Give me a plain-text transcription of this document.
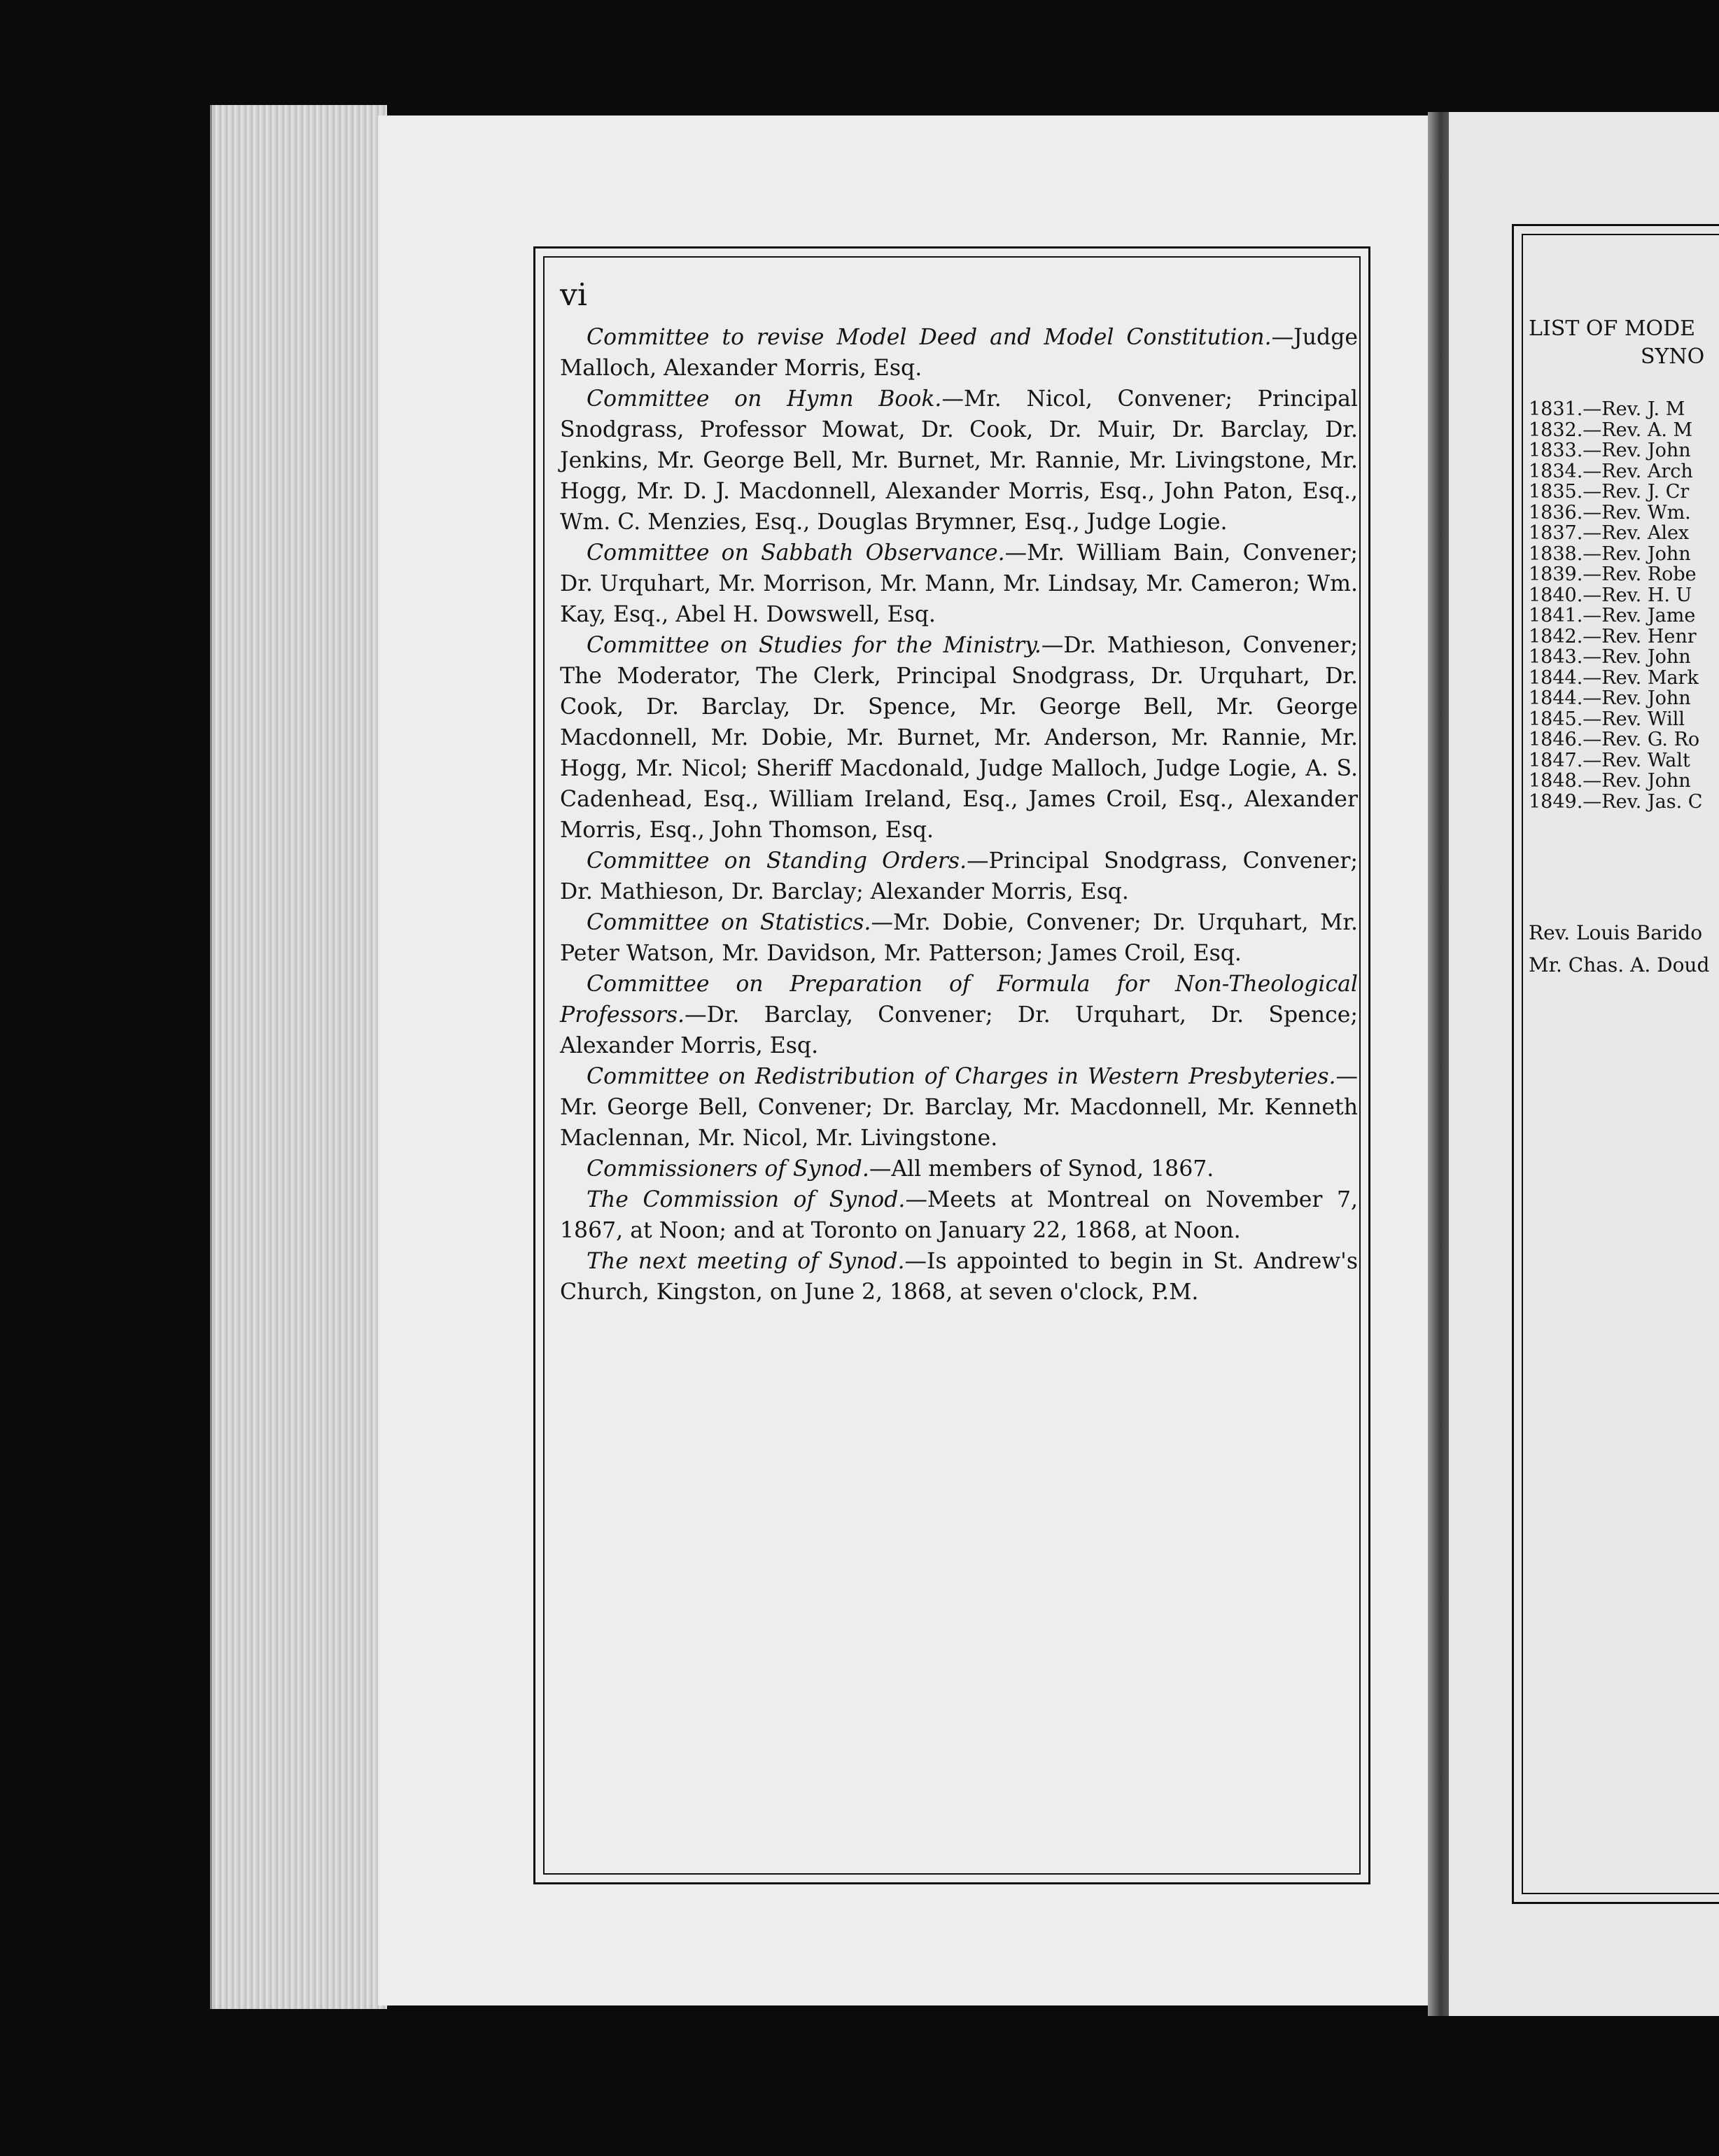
vi

Committee to revise Model Deed and Model Constitution.—Judge Malloch, Alexander Morris, Esq.

Committee on Hymn Book.—Mr. Nicol, Convener; Principal Snodgrass, Professor Mowat, Dr. Cook, Dr. Muir, Dr. Barclay, Dr. Jenkins, Mr. George Bell, Mr. Burnet, Mr. Rannie, Mr. Livingstone, Mr. Hogg, Mr. D. J. Macdonnell, Alexander Morris, Esq., John Paton, Esq., Wm. C. Menzies, Esq., Douglas Brymner, Esq., Judge Logie.

Committee on Sabbath Observance.—Mr. William Bain, Convener; Dr. Urquhart, Mr. Morrison, Mr. Mann, Mr. Lindsay, Mr. Cameron; Wm. Kay, Esq., Abel H. Dowswell, Esq.

Committee on Studies for the Ministry.—Dr. Mathieson, Convener; The Moderator, The Clerk, Principal Snodgrass, Dr. Urquhart, Dr. Cook, Dr. Barclay, Dr. Spence, Mr. George Bell, Mr. George Macdonnell, Mr. Dobie, Mr. Burnet, Mr. Anderson, Mr. Rannie, Mr. Hogg, Mr. Nicol; Sheriff Macdonald, Judge Malloch, Judge Logie, A. S. Cadenhead, Esq., William Ireland, Esq., James Croil, Esq., Alexander Morris, Esq., John Thomson, Esq.

Committee on Standing Orders.—Principal Snodgrass, Convener; Dr. Mathieson, Dr. Barclay; Alexander Morris, Esq.

Committee on Statistics.—Mr. Dobie, Convener; Dr. Urquhart, Mr. Peter Watson, Mr. Davidson, Mr. Patterson; James Croil, Esq.

Committee on Preparation of Formula for Non-Theological Professors.—Dr. Barclay, Convener; Dr. Urquhart, Dr. Spence; Alexander Morris, Esq.

Committee on Redistribution of Charges in Western Presbyteries.—Mr. George Bell, Convener; Dr. Barclay, Mr. Macdonnell, Mr. Kenneth Maclennan, Mr. Nicol, Mr. Livingstone.

Commissioners of Synod.—All members of Synod, 1867.

The Commission of Synod.—Meets at Montreal on November 7, 1867, at Noon; and at Toronto on January 22, 1868, at Noon.

The next meeting of Synod.—Is appointed to begin in St. Andrew's Church, Kingston, on June 2, 1868, at seven o'clock, P.M.

LIST OF MODE

SYNO

1831.—Rev. J. M
1832.—Rev. A. M
1833.—Rev. John
1834.—Rev. Arch
1835.—Rev. J. Cr
1836.—Rev. Wm.
1837.—Rev. Alex
1838.—Rev. John
1839.—Rev. Robe
1840.—Rev. H. U
1841.—Rev. Jame
1842.—Rev. Henr
1843.—Rev. John
1844.—Rev. Mark
1844.—Rev. John
1845.—Rev. Will
1846.—Rev. G. Ro
1847.—Rev. Walt
1848.—Rev. John
1849.—Rev. Jas. C
Rev. Louis Barido
Mr. Chas. A. Doud
